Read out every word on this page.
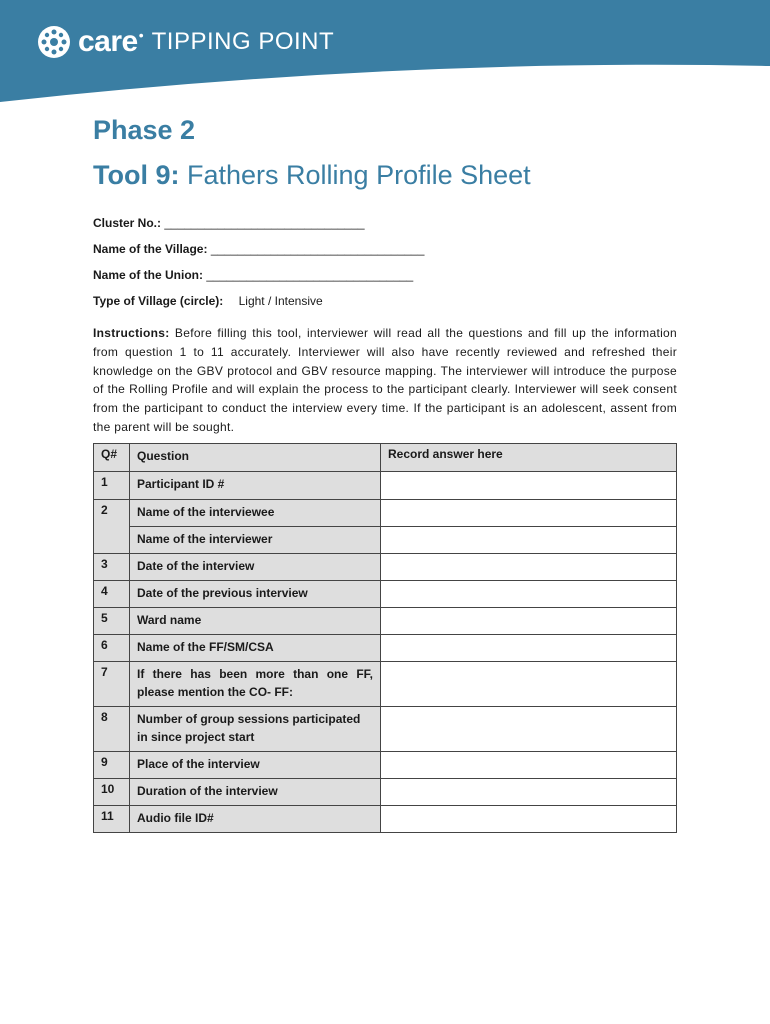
care • TIPPING POINT
Phase 2
Tool 9: Fathers Rolling Profile Sheet
Cluster No.: ______________________________
Name of the Village: ________________________________
Name of the Union: _______________________________
Type of Village (circle): Light / Intensive
Instructions: Before filling this tool, interviewer will read all the questions and fill up the information from question 1 to 11 accurately. Interviewer will also have recently reviewed and refreshed their knowledge on the GBV protocol and GBV resource mapping. The interviewer will introduce the purpose of the Rolling Profile and will explain the process to the participant clearly. Interviewer will seek consent from the participant to conduct the interview every time. If the participant is an adolescent, assent from the parent will be sought.
Q#	Question	Record answer here
1	Participant ID #	
2	Name of the interviewee	
	Name of the interviewer	
3	Date of the interview	
4	Date of the previous interview	
5	Ward name	
6	Name of the FF/SM/CSA	
7	If there has been more than one FF, please mention the CO- FF:	
8	Number of group sessions participated in since project start	
9	Place of the interview	
10	Duration of the interview	
11	Audio file ID#	
